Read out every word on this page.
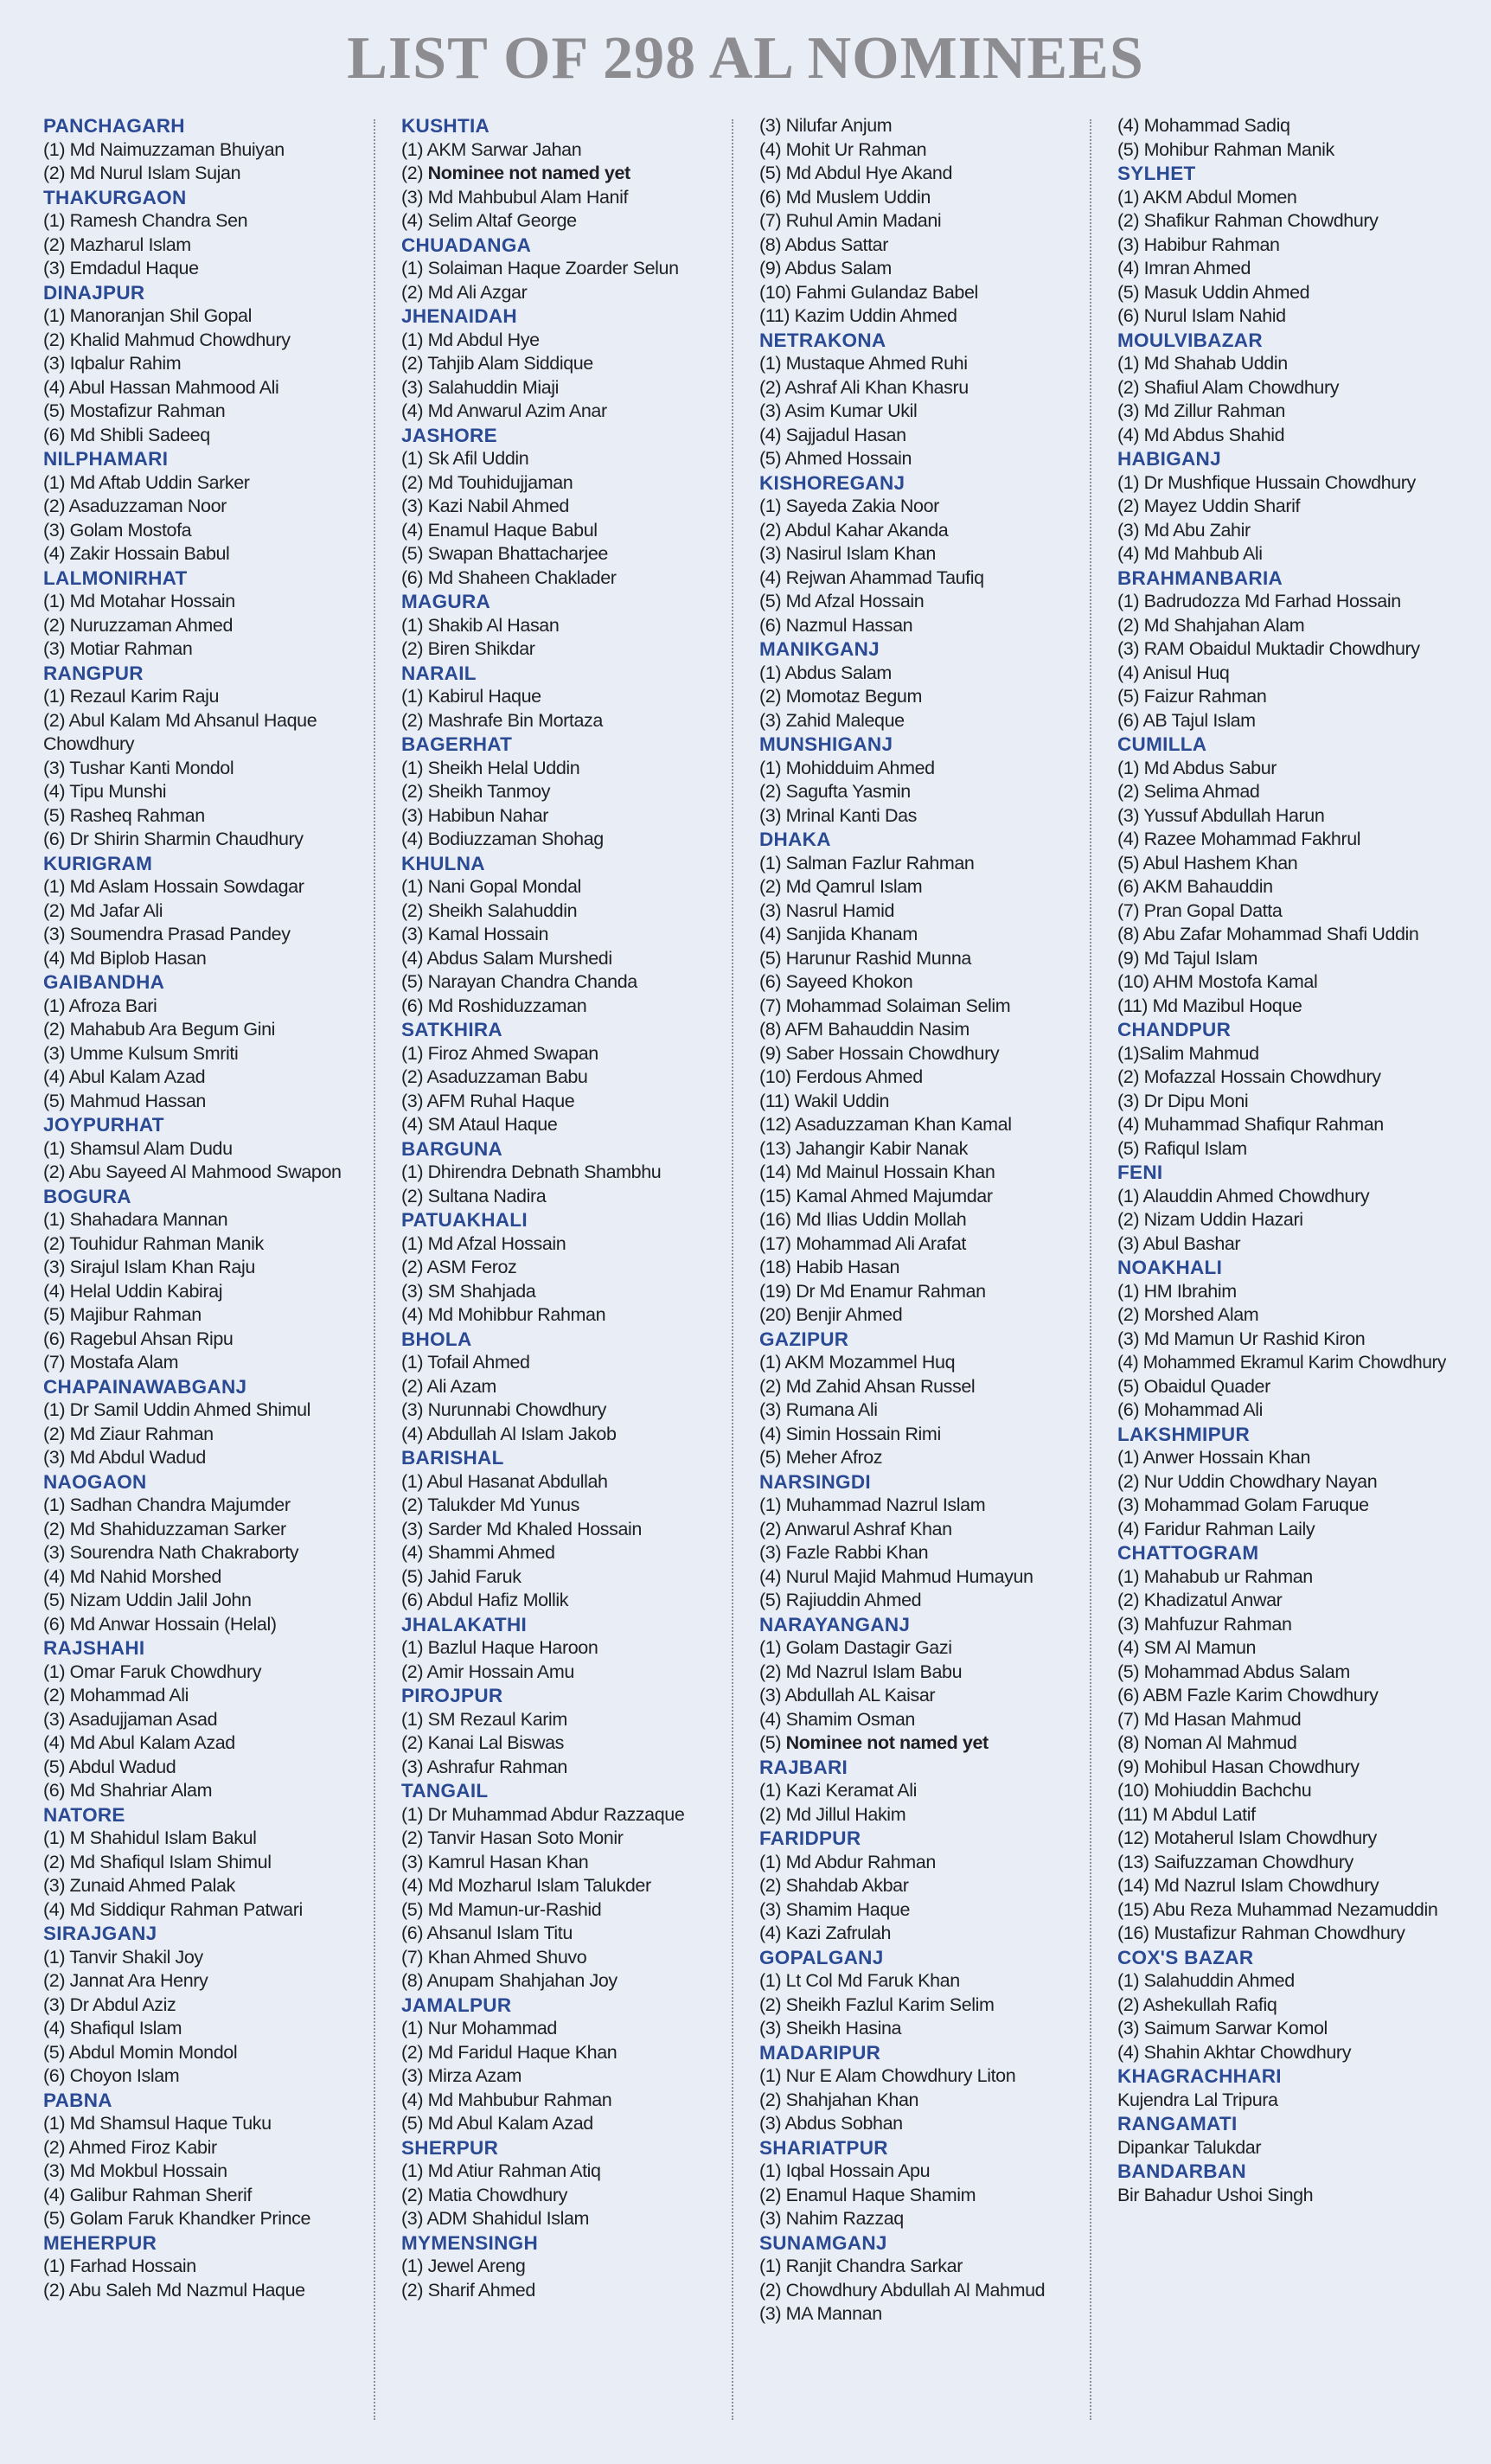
LIST OF 298 AL NOMINEES
PANCHAGARH
(1) Md Naimuzzaman Bhuiyan
(2) Md Nurul Islam Sujan
THAKURGAON
(1) Ramesh Chandra Sen
(2) Mazharul Islam
(3) Emdadul Haque
DINAJPUR
(1) Manoranjan Shil Gopal
(2) Khalid Mahmud Chowdhury
(3) Iqbalur Rahim
(4) Abul Hassan Mahmood Ali
(5) Mostafizur Rahman
(6) Md Shibli Sadeeq
NILPHAMARI
(1) Md Aftab Uddin Sarker
(2) Asaduzzaman Noor
(3) Golam Mostofa
(4) Zakir Hossain Babul
LALMONIRHAT
(1) Md Motahar Hossain
(2) Nuruzzaman Ahmed
(3) Motiar Rahman
RANGPUR
(1) Rezaul Karim Raju
(2) Abul Kalam Md Ahsanul Haque Chowdhury
(3) Tushar Kanti Mondol
(4) Tipu Munshi
(5) Rasheq Rahman
(6) Dr Shirin Sharmin Chaudhury
KURIGRAM
(1) Md Aslam Hossain Sowdagar
(2) Md Jafar Ali
(3) Soumendra Prasad Pandey
(4) Md Biplob Hasan
GAIBANDHA
(1) Afroza Bari
(2) Mahabub Ara Begum Gini
(3) Umme Kulsum Smriti
(4) Abul Kalam Azad
(5) Mahmud Hassan
JOYPURHAT
(1) Shamsul Alam Dudu
(2) Abu Sayeed Al Mahmood Swapon
BOGURA
(1) Shahadara Mannan
(2) Touhidur Rahman Manik
(3) Sirajul Islam Khan Raju
(4) Helal Uddin Kabiraj
(5) Majibur Rahman
(6) Ragebul Ahsan Ripu
(7) Mostafa Alam
CHAPAINAWABGANJ
(1) Dr Samil Uddin Ahmed Shimul
(2) Md Ziaur Rahman
(3) Md Abdul Wadud
NAOGAON
(1) Sadhan Chandra Majumder
(2) Md Shahiduzzaman Sarker
(3) Sourendra Nath Chakraborty
(4) Md Nahid Morshed
(5) Nizam Uddin Jalil John
(6) Md Anwar Hossain (Helal)
RAJSHAHI
(1) Omar Faruk Chowdhury
(2) Mohammad Ali
(3) Asadujjaman Asad
(4) Md Abul Kalam Azad
(5) Abdul Wadud
(6) Md Shahriar Alam
NATORE
(1) M Shahidul Islam Bakul
(2) Md Shafiqul Islam Shimul
(3) Zunaid Ahmed Palak
(4) Md Siddiqur Rahman Patwari
SIRAJGANJ
(1) Tanvir Shakil Joy
(2) Jannat Ara Henry
(3) Dr Abdul Aziz
(4) Shafiqul Islam
(5) Abdul Momin Mondol
(6) Choyon Islam
PABNA
(1) Md Shamsul Haque Tuku
(2) Ahmed Firoz Kabir
(3) Md Mokbul Hossain
(4) Galibur Rahman Sherif
(5) Golam Faruk Khandker Prince
MEHERPUR
(1) Farhad Hossain
(2) Abu Saleh Md Nazmul Haque
KUSHTIA
(1) AKM Sarwar Jahan
(2) Nominee not named yet
(3) Md Mahbubul Alam Hanif
(4) Selim Altaf George
CHUADANGA
(1) Solaiman Haque Zoarder Selun
(2) Md Ali Azgar
JHENAIDAH
(1) Md Abdul Hye
(2) Tahjib Alam Siddique
(3) Salahuddin Miaji
(4) Md Anwarul Azim Anar
JASHORE
(1) Sk Afil Uddin
(2) Md Touhidujjaman
(3) Kazi Nabil Ahmed
(4) Enamul Haque Babul
(5) Swapan Bhattacharjee
(6) Md Shaheen Chaklader
MAGURA
(1) Shakib Al Hasan
(2) Biren Shikdar
NARAIL
(1) Kabirul Haque
(2) Mashrafe Bin Mortaza
BAGERHAT
(1) Sheikh Helal Uddin
(2) Sheikh Tanmoy
(3) Habibun Nahar
(4) Bodiuzzaman Shohag
KHULNA
(1) Nani Gopal Mondal
(2) Sheikh Salahuddin
(3) Kamal Hossain
(4) Abdus Salam Murshedi
(5) Narayan Chandra Chanda
(6) Md Roshiduzzaman
SATKHIRA
(1) Firoz Ahmed Swapan
(2) Asaduzzaman Babu
(3) AFM Ruhal Haque
(4) SM Ataul Haque
BARGUNA
(1) Dhirendra Debnath Shambhu
(2) Sultana Nadira
PATUAKHALI
(1) Md Afzal Hossain
(2) ASM Feroz
(3) SM Shahjada
(4) Md Mohibbur Rahman
BHOLA
(1) Tofail Ahmed
(2) Ali Azam
(3) Nurunnabi Chowdhury
(4) Abdullah Al Islam Jakob
BARISHAL
(1) Abul Hasanat Abdullah
(2) Talukder Md Yunus
(3) Sarder Md Khaled Hossain
(4) Shammi Ahmed
(5) Jahid Faruk
(6) Abdul Hafiz Mollik
JHALAKATHI
(1) Bazlul Haque Haroon
(2) Amir Hossain Amu
PIROJPUR
(1) SM Rezaul Karim
(2) Kanai Lal Biswas
(3) Ashrafur Rahman
TANGAIL
(1) Dr Muhammad Abdur Razzaque
(2) Tanvir Hasan Soto Monir
(3) Kamrul Hasan Khan
(4) Md Mozharul Islam Talukder
(5) Md Mamun-ur-Rashid
(6) Ahsanul Islam Titu
(7) Khan Ahmed Shuvo
(8) Anupam Shahjahan Joy
JAMALPUR
(1) Nur Mohammad
(2) Md Faridul Haque Khan
(3) Mirza Azam
(4) Md Mahbubur Rahman
(5) Md Abul Kalam Azad
SHERPUR
(1) Md Atiur Rahman Atiq
(2) Matia Chowdhury
(3) ADM Shahidul Islam
MYMENSINGH
(1) Jewel Areng
(2) Sharif Ahmed
(3) Nilufar Anjum
(4) Mohit Ur Rahman
(5) Md Abdul Hye Akand
(6) Md Muslem Uddin
(7) Ruhul Amin Madani
(8) Abdus Sattar
(9) Abdus Salam
(10) Fahmi Gulandaz Babel
(11) Kazim Uddin Ahmed
NETRAKONA
(1) Mustaque Ahmed Ruhi
(2) Ashraf Ali Khan Khasru
(3) Asim Kumar Ukil
(4) Sajjadul Hasan
(5) Ahmed Hossain
KISHOREGANJ
(1) Sayeda Zakia Noor
(2) Abdul Kahar Akanda
(3) Nasirul Islam Khan
(4) Rejwan Ahammad Taufiq
(5) Md Afzal Hossain
(6) Nazmul Hassan
MANIKGANJ
(1) Abdus Salam
(2) Momotaz Begum
(3) Zahid Maleque
MUNSHIGANJ
(1) Mohidduim Ahmed
(2) Sagufta Yasmin
(3) Mrinal Kanti Das
DHAKA
(1) Salman Fazlur Rahman
(2) Md Qamrul Islam
(3) Nasrul Hamid
(4) Sanjida Khanam
(5) Harunur Rashid Munna
(6) Sayeed Khokon
(7) Mohammad Solaiman Selim
(8) AFM Bahauddin Nasim
(9) Saber Hossain Chowdhury
(10) Ferdous Ahmed
(11) Wakil Uddin
(12) Asaduzzaman Khan Kamal
(13) Jahangir Kabir Nanak
(14) Md Mainul Hossain Khan
(15) Kamal Ahmed Majumdar
(16) Md Ilias Uddin Mollah
(17) Mohammad Ali Arafat
(18) Habib Hasan
(19) Dr Md Enamur Rahman
(20) Benjir Ahmed
GAZIPUR
(1) AKM Mozammel Huq
(2) Md Zahid Ahsan Russel
(3) Rumana Ali
(4) Simin Hossain Rimi
(5) Meher Afroz
NARSINGDI
(1) Muhammad Nazrul Islam
(2) Anwarul Ashraf Khan
(3) Fazle Rabbi Khan
(4) Nurul Majid Mahmud Humayun
(5) Rajiuddin Ahmed
NARAYANGANJ
(1) Golam Dastagir Gazi
(2) Md Nazrul Islam Babu
(3) Abdullah AL Kaisar
(4) Shamim Osman
(5) Nominee not named yet
RAJBARI
(1) Kazi Keramat Ali
(2) Md Jillul Hakim
FARIDPUR
(1) Md Abdur Rahman
(2) Shahdab Akbar
(3) Shamim Haque
(4) Kazi Zafrulah
GOPALGANJ
(1) Lt Col Md Faruk Khan
(2) Sheikh Fazlul Karim Selim
(3) Sheikh Hasina
MADARIPUR
(1) Nur E Alam Chowdhury Liton
(2) Shahjahan Khan
(3) Abdus Sobhan
SHARIATPUR
(1) Iqbal Hossain Apu
(2) Enamul Haque Shamim
(3) Nahim Razzaq
SUNAMGANJ
(1) Ranjit Chandra Sarkar
(2) Chowdhury Abdullah Al Mahmud
(3) MA Mannan
(4) Mohammad Sadiq
(5) Mohibur Rahman Manik
SYLHET
(1) AKM Abdul Momen
(2) Shafikur Rahman Chowdhury
(3) Habibur Rahman
(4) Imran Ahmed
(5) Masuk Uddin Ahmed
(6) Nurul Islam Nahid
MOULVIBAZAR
(1) Md Shahab Uddin
(2) Shafiul Alam Chowdhury
(3) Md Zillur Rahman
(4) Md Abdus Shahid
HABIGANJ
(1) Dr Mushfique Hussain Chowdhury
(2) Mayez Uddin Sharif
(3) Md Abu Zahir
(4) Md Mahbub Ali
BRAHMANBARIA
(1) Badrudozza Md Farhad Hossain
(2) Md Shahjahan Alam
(3) RAM Obaidul Muktadir Chowdhury
(4) Anisul Huq
(5) Faizur Rahman
(6) AB Tajul Islam
CUMILLA
(1) Md Abdus Sabur
(2) Selima Ahmad
(3) Yussuf Abdullah Harun
(4) Razee Mohammad Fakhrul
(5) Abul Hashem Khan
(6) AKM Bahauddin
(7) Pran Gopal Datta
(8) Abu Zafar Mohammad Shafi Uddin
(9) Md Tajul Islam
(10) AHM Mostofa Kamal
(11) Md Mazibul Hoque
CHANDPUR
(1)Salim Mahmud
(2) Mofazzal Hossain Chowdhury
(3) Dr Dipu Moni
(4) Muhammad Shafiqur Rahman
(5) Rafiqul Islam
FENI
(1) Alauddin Ahmed Chowdhury
(2) Nizam Uddin Hazari
(3) Abul Bashar
NOAKHALI
(1) HM Ibrahim
(2) Morshed Alam
(3) Md Mamun Ur Rashid Kiron
(4) Mohammed Ekramul Karim Chowdhury
(5) Obaidul Quader
(6) Mohammad Ali
LAKSHMIPUR
(1) Anwer Hossain Khan
(2) Nur Uddin Chowdhary Nayan
(3) Mohammad Golam Faruque
(4) Faridur Rahman Laily
CHATTOGRAM
(1) Mahabub ur Rahman
(2) Khadizatul Anwar
(3) Mahfuzur Rahman
(4) SM Al Mamun
(5) Mohammad Abdus Salam
(6) ABM Fazle Karim Chowdhury
(7) Md Hasan Mahmud
(8) Noman Al Mahmud
(9) Mohibul Hasan Chowdhury
(10) Mohiuddin Bachchu
(11) M Abdul Latif
(12) Motaherul Islam Chowdhury
(13) Saifuzzaman Chowdhury
(14) Md Nazrul Islam Chowdhury
(15) Abu Reza Muhammad Nezamuddin
(16) Mustafizur Rahman Chowdhury
COX'S BAZAR
(1) Salahuddin Ahmed
(2) Ashekullah Rafiq
(3) Saimum Sarwar Komol
(4) Shahin Akhtar Chowdhury
KHAGRACHHARI
Kujendra Lal Tripura
RANGAMATI
Dipankar Talukdar
BANDARBAN
Bir Bahadur Ushoi Singh
